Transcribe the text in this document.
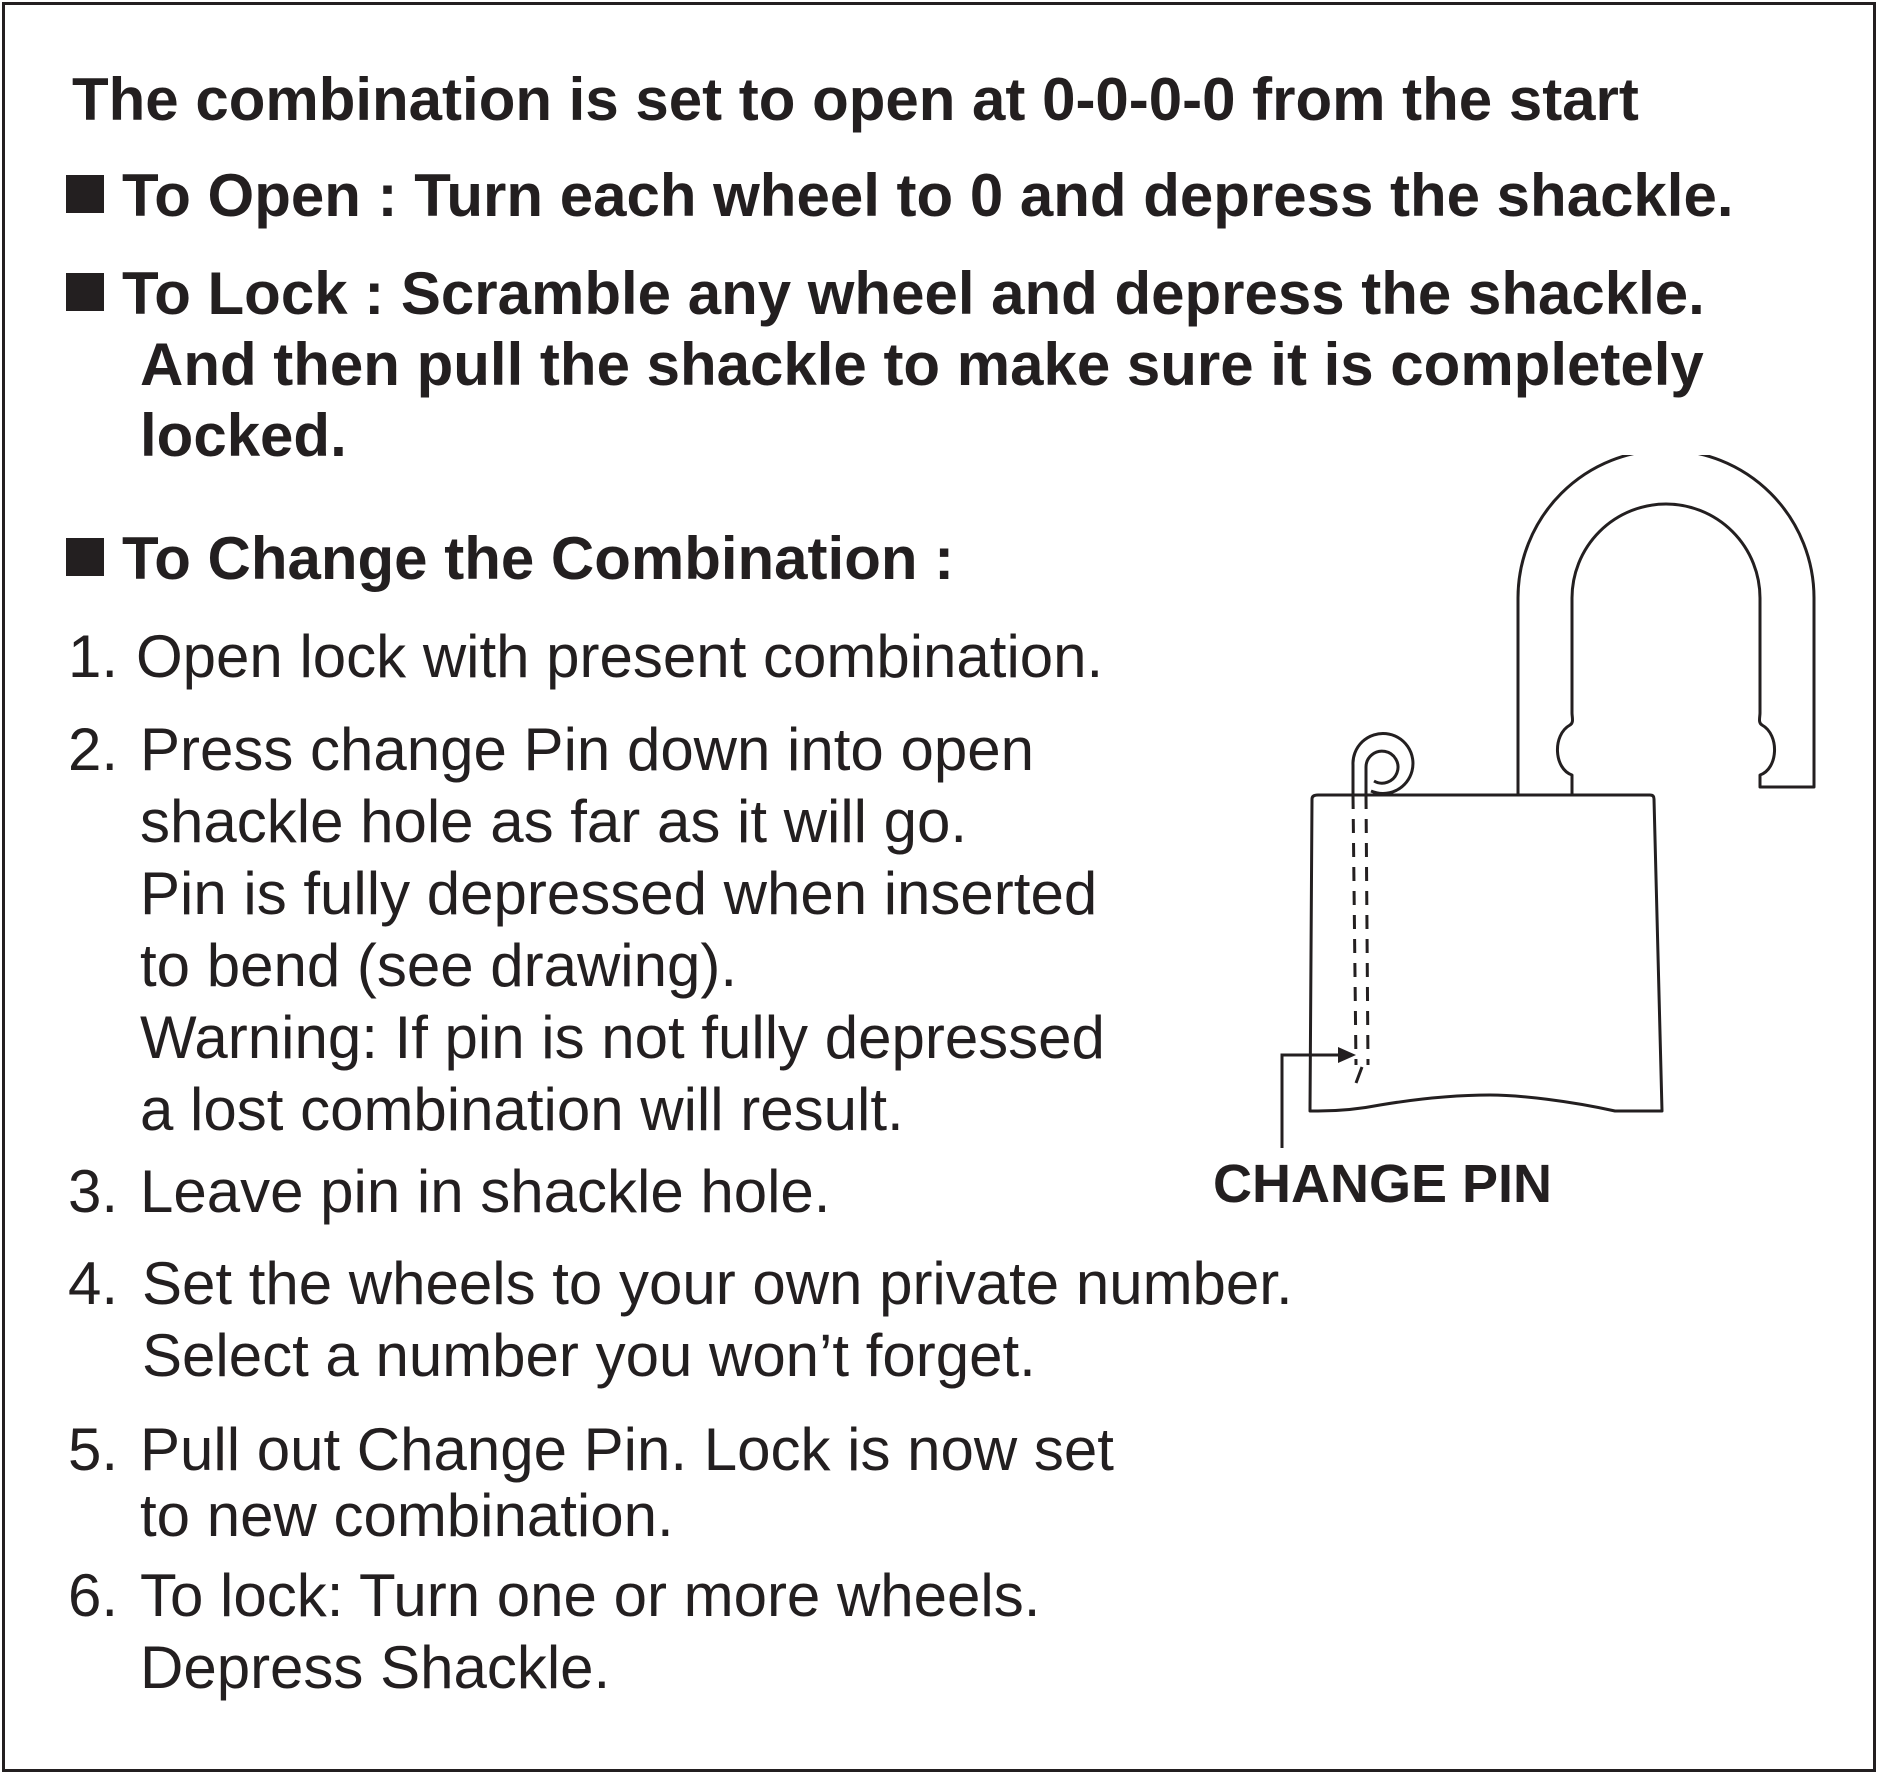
The combination is set to open at 0-0-0-0 from the start
To Open : Turn each wheel to 0 and depress the shackle.
To Lock : Scramble any wheel and depress the shackle.
And then pull the shackle to make sure it is completely
locked.
To Change the Combination :
1. Open lock with present combination.
2. Press change Pin down into open
shackle hole as far as it will go.
Pin is fully depressed when inserted
to bend (see drawing).
Warning: If pin is not fully depressed
a lost combination will result.
3. Leave pin in shackle hole.
4. Set the wheels to your own private number.
Select a number you won’t forget.
5. Pull out Change Pin. Lock is now set
to new combination.
6. To lock: Turn one or more wheels.
Depress Shackle.
CHANGE PIN
